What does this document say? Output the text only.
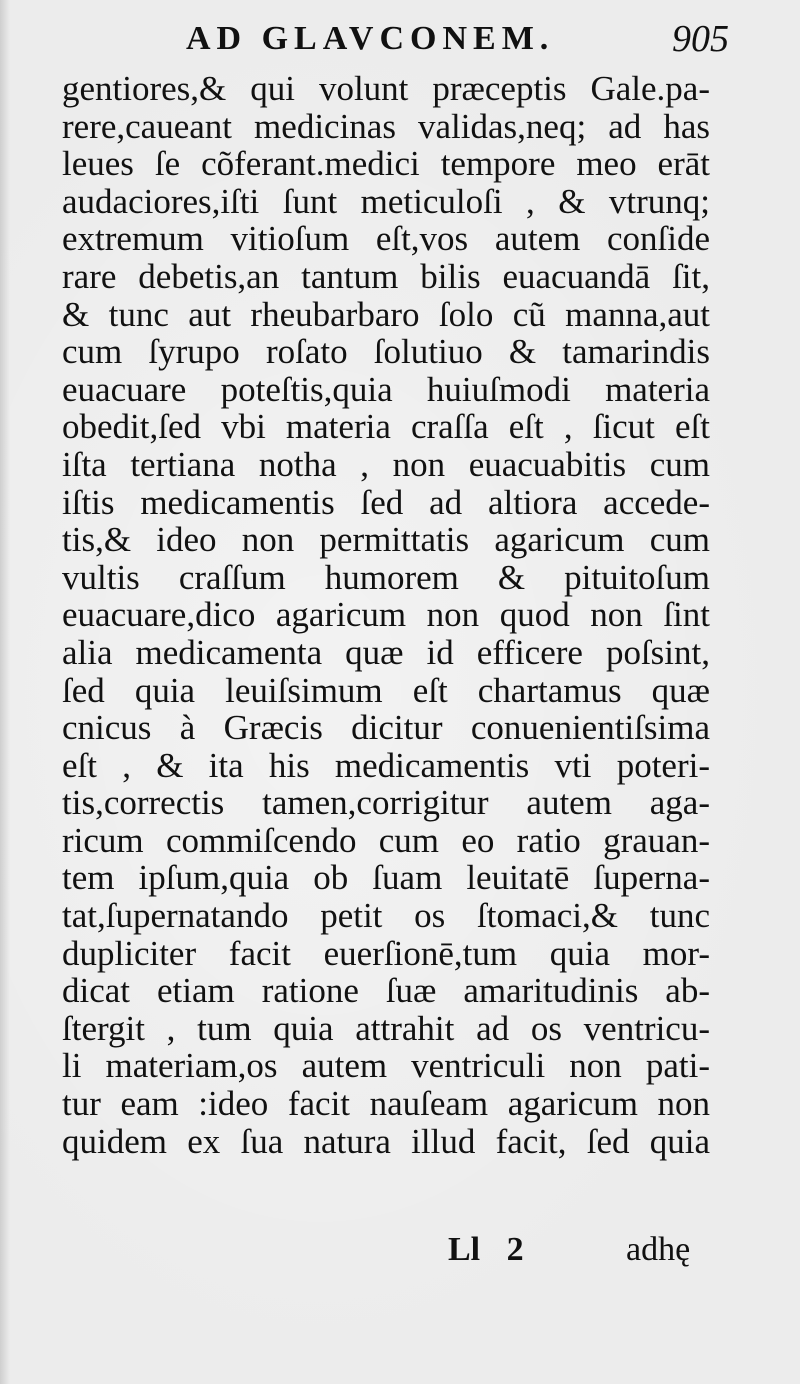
AD GLAVCONEM.	905
gentiores,& qui volunt præceptis Gale.pa-
rere,caueant medicinas validas,neq; ad has
leues ſe cõferant.medici tempore meo erāt
audaciores,iſti ſunt meticuloſi , & vtrunq;
extremum vitioſum eſt,vos autem conſide
rare debetis,an tantum bilis euacuandā ſit,
& tunc aut rheubarbaro ſolo cũ manna,aut
cum ſyrupo roſato ſolutiuo & tamarindis
euacuare poteſtis,quia huiuſmodi materia
obedit,ſed vbi materia craſſa eſt , ſicut eſt
iſta tertiana notha , non euacuabitis cum
iſtis medicamentis ſed ad altiora accede-
tis,& ideo non permittatis agaricum cum
vultis craſſum humorem & pituitoſum
euacuare,dico agaricum non quod non ſint
alia medicamenta quæ id efficere poſsint,
ſed quia leuiſsimum eſt chartamus quæ
cnicus à Græcis dicitur conuenientiſsima
eſt , & ita his medicamentis vti poteri-
tis,correctis tamen,corrigitur autem aga-
ricum commiſcendo cum eo ratio grauan-
tem ipſum,quia ob ſuam leuitatē ſuperna-
tat,ſupernatando petit os ſtomaci,& tunc
dupliciter facit euerſionē,tum quia mor-
dicat etiam ratione ſuæ amaritudinis ab-
ſtergit , tum quia attrahit ad os ventricu-
li materiam,os autem ventriculi non pati-
tur eam :ideo facit nauſeam agaricum non
quidem ex ſua natura illud facit, ſed quia
Ll 2	adhę
